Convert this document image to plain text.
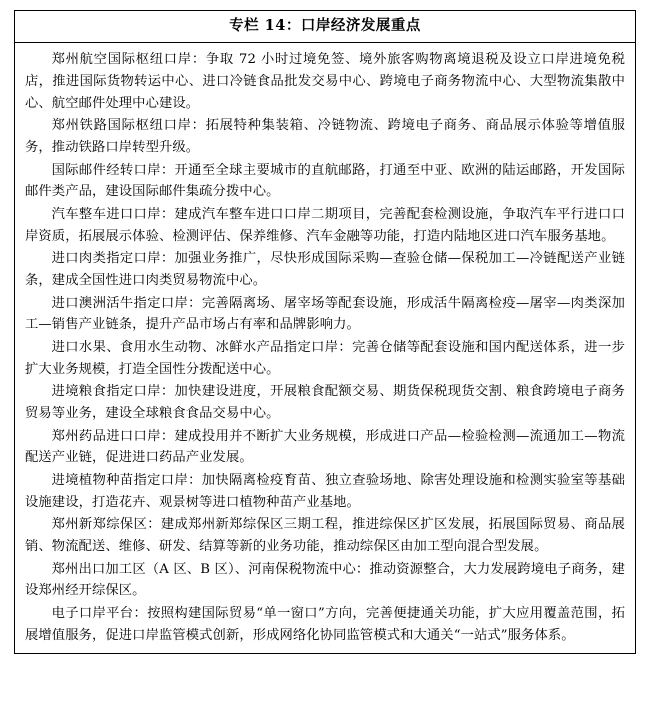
专栏 14：口岸经济发展重点

郑州航空国际枢纽口岸：争取 72 小时过境免签、境外旅客购物离境退税及设立口岸进境免税店，推进国际货物转运中心、进口冷链食品批发交易中心、跨境电子商务物流中心、大型物流集散中心、航空邮件处理中心建设。

郑州铁路国际枢纽口岸：拓展特种集装箱、冷链物流、跨境电子商务、商品展示体验等增值服务，推动铁路口岸转型升级。

国际邮件经转口岸：开通至全球主要城市的直航邮路，打通至中亚、欧洲的陆运邮路，开发国际邮件类产品，建设国际邮件集疏分拨中心。

汽车整车进口口岸：建成汽车整车进口口岸二期项目，完善配套检测设施，争取汽车平行进口口岸资质，拓展展示体验、检测评估、保养维修、汽车金融等功能，打造内陆地区进口汽车服务基地。

进口肉类指定口岸：加强业务推广，尽快形成国际采购—查验仓储—保税加工—冷链配送产业链条，建成全国性进口肉类贸易物流中心。

进口澳洲活牛指定口岸：完善隔离场、屠宰场等配套设施，形成活牛隔离检疫—屠宰—肉类深加工—销售产业链条，提升产品市场占有率和品牌影响力。

进口水果、食用水生动物、冰鲜水产品指定口岸：完善仓储等配套设施和国内配送体系，进一步扩大业务规模，打造全国性分拨配送中心。

进境粮食指定口岸：加快建设进度，开展粮食配额交易、期货保税现货交割、粮食跨境电子商务贸易等业务，建设全球粮食食品交易中心。

郑州药品进口口岸：建成投用并不断扩大业务规模，形成进口产品—检验检测—流通加工—物流配送产业链，促进进口药品产业发展。

进境植物种苗指定口岸：加快隔离检疫ް育苗、独立查验场地、除害处理设施和检测实验室等基础设施建设，打造花卉、观景树等进口植物种苗产业基地。

郑州新郑综保区：建成郑州新郑综保区三期工程，推进综保区扩区发展，拓展国际贸易、商品展销、物流配送、维修、研发、结算等新的业务功能，推动综保区由加工型向混合型发展。

郑州出口加工区（A 区、B 区）、河南保税物流中心：推动资源整合，大力发展跨境电子商务，建设郑州经开综保区。

电子口岸平台：按照构建国际贸易“单一窗口”方向，完善便捷通关功能，扩大应用覆盖范围，拓展增值服务，促进口岸监管模式创新，形成网络化协同监管模式和大通关“一站式”服务体系。
